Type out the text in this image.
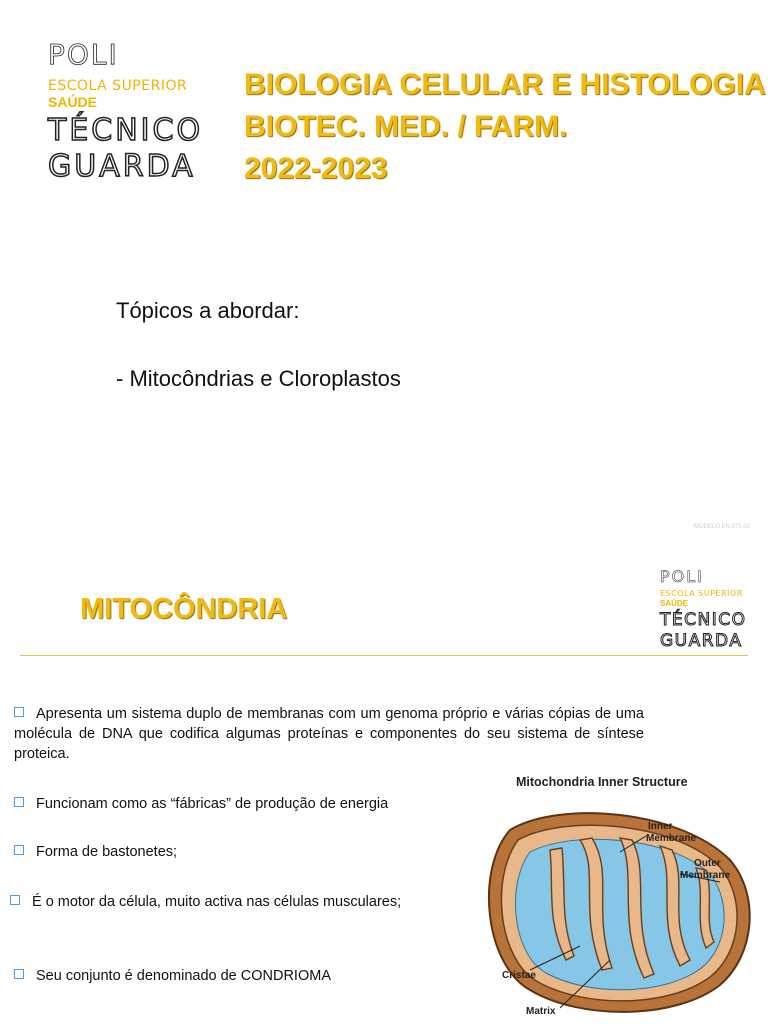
POLI
ESCOLA SUPERIOR
SAÚDE
TÉCNICO
GUARDA
BIOLOGIA CELULAR E HISTOLOGIA
BIOTEC. MED. / FARM.
2022-2023
Tópicos a abordar:
- Mitocôndrias e Cloroplastos
MODELO EN.075.02
POLI
ESCOLA SUPERIOR
SAÚDE
TÉCNICO
GUARDA
MITOCÔNDRIA
Apresenta um sistema duplo de membranas com um genoma próprio e várias cópias de uma molécula de DNA que codifica algumas proteínas e componentes do seu sistema de síntese proteica.
Funcionam como as “fábricas” de produção de energia
Forma de bastonetes;
É o motor da célula, muito activa nas células musculares;
Seu conjunto é denominado de CONDRIOMA
Mitochondria Inner Structure
Inner
Membrane
Outer
Membrane
Cristae
Matrix
